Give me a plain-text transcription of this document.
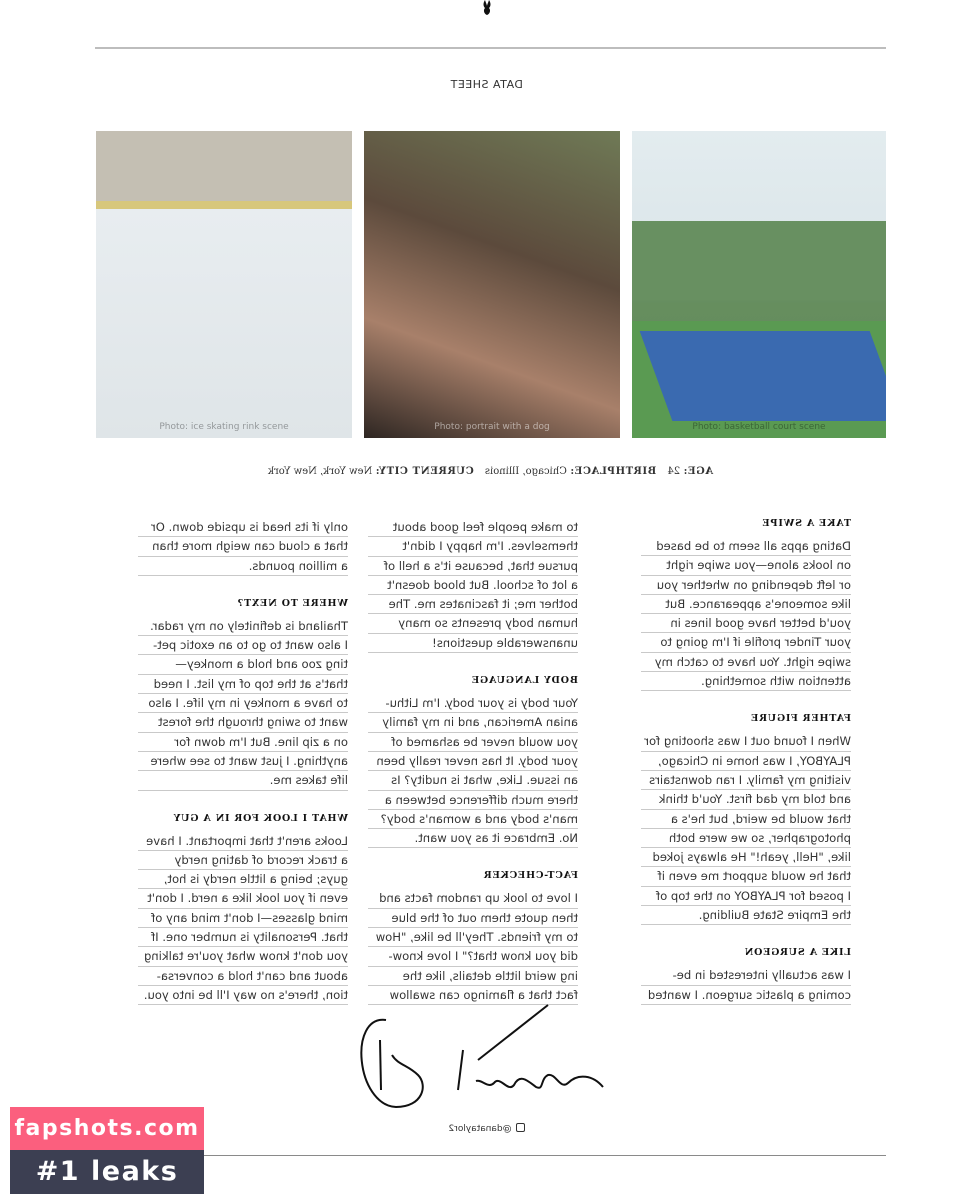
DATA SHEET
Photo: basketball court scene
Photo: portrait with a dog
Photo: ice skating rink scene
AGE:24 BIRTHPLACE:Chicago, Illinois CURRENT CITY:New York, New York
TAKE A SWIPE
Dating apps all seem to be based
on looks alone—you swipe right
or left depending on whether you
like someone's appearance. But
you'd better have good lines in
your Tinder profile if I'm going to
swipe right. You have to catch my
attention with something.
FATHER FIGURE
When I found out I was shooting for
PLAYBOY, I was home in Chicago,
visiting my family. I ran downstairs
and told my dad first. You'd think
that would be weird, but he's a
photographer, so we were both
like, "Hell, yeah!" He always joked
that he would support me even if
I posed for PLAYBOY on the top of
the Empire State Building.
LIKE A SURGEON
I was actually interested in be-
coming a plastic surgeon. I wanted
to make people feel good about
themselves. I'm happy I didn't
pursue that, because it's a hell of
a lot of school. But blood doesn't
bother me; it fascinates me. The
human body presents so many
unanswerable questions!
BODY LANGUAGE
Your body is your body. I'm Lithu-
anian American, and in my family
you would never be ashamed of
your body. It has never really been
an issue. Like, what is nudity? Is
there much difference between a
man's body and a woman's body?
No. Embrace it as you want.
FACT-CHECKER
I love to look up random facts and
then quote them out of the blue
to my friends. They'll be like, "How
did you know that?" I love know-
ing weird little details, like the
fact that a flamingo can swallow
only if its head is upside down. Or
that a cloud can weigh more than
a million pounds.
WHERE TO NEXT?
Thailand is definitely on my radar.
I also want to go to an exotic pet-
ting zoo and hold a monkey—
that's at the top of my list. I need
to have a monkey in my life. I also
want to swing through the forest
on a zip line. But I'm down for
anything. I just want to see where
life takes me.
WHAT I LOOK FOR IN A GUY
Looks aren't that important. I have
a track record of dating nerdy
guys; being a little nerdy is hot,
even if you look like a nerd. I don't
mind glasses—I don't mind any of
that. Personality is number one. If
you don't know what you're talking
about and can't hold a conversa-
tion, there's no way I'll be into you.
@danataylor2
fapshots.com
#1 leaks
